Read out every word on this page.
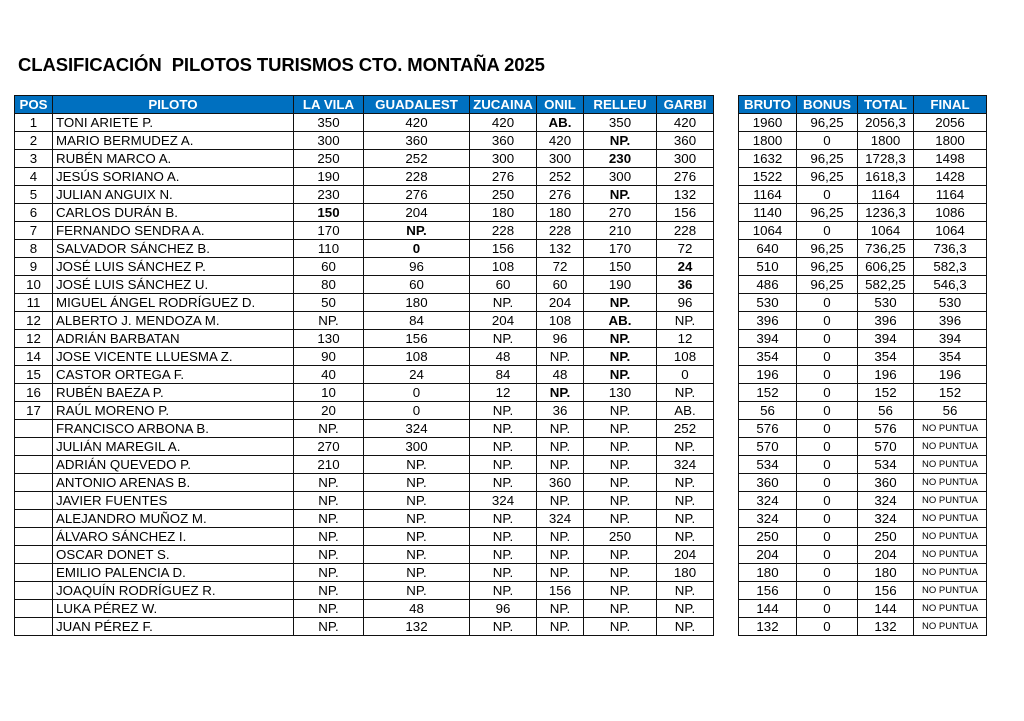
CLASIFICACIÓN  PILOTOS TURISMOS CTO. MONTAÑA 2025
POS	PILOTO	LA VILA	GUADALEST	ZUCAINA	ONIL	RELLEU	GARBI
1	TONI ARIETE P.	350	420	420	AB.	350	420
2	MARIO BERMUDEZ A.	300	360	360	420	NP.	360
3	RUBÉN MARCO A.	250	252	300	300	230	300
4	JESÚS SORIANO A.	190	228	276	252	300	276
5	JULIAN ANGUIX N.	230	276	250	276	NP.	132
6	CARLOS DURÁN B.	150	204	180	180	270	156
7	FERNANDO SENDRA A.	170	NP.	228	228	210	228
8	SALVADOR SÁNCHEZ B.	110	0	156	132	170	72
9	JOSÉ LUIS SÁNCHEZ P.	60	96	108	72	150	24
10	JOSÉ LUIS SÁNCHEZ U.	80	60	60	60	190	36
11	MIGUEL ÁNGEL RODRÍGUEZ D.	50	180	NP.	204	NP.	96
12	ALBERTO J. MENDOZA M.	NP.	84	204	108	AB.	NP.
12	ADRIÁN BARBATAN	130	156	NP.	96	NP.	12
14	JOSE VICENTE LLUESMA Z.	90	108	48	NP.	NP.	108
15	CASTOR ORTEGA F.	40	24	84	48	NP.	0
16	RUBÉN BAEZA P.	10	0	12	NP.	130	NP.
17	RAÚL MORENO P.	20	0	NP.	36	NP.	AB.
	FRANCISCO ARBONA B.	NP.	324	NP.	NP.	NP.	252
	JULIÁN MAREGIL A.	270	300	NP.	NP.	NP.	NP.
	ADRIÁN QUEVEDO P.	210	NP.	NP.	NP.	NP.	324
	ANTONIO ARENAS B.	NP.	NP.	NP.	360	NP.	NP.
	JAVIER FUENTES	NP.	NP.	324	NP.	NP.	NP.
	ALEJANDRO MUÑOZ M.	NP.	NP.	NP.	324	NP.	NP.
	ÁLVARO SÁNCHEZ I.	NP.	NP.	NP.	NP.	250	NP.
	OSCAR DONET S.	NP.	NP.	NP.	NP.	NP.	204
	EMILIO PALENCIA D.	NP.	NP.	NP.	NP.	NP.	180
	JOAQUÍN RODRÍGUEZ R.	NP.	NP.	NP.	156	NP.	NP.
	LUKA PÉREZ W.	NP.	48	96	NP.	NP.	NP.
	JUAN PÉREZ F.	NP.	132	NP.	NP.	NP.	NP.
BRUTO	BONUS	TOTAL	FINAL
1960	96,25	2056,3	2056
1800	0	1800	1800
1632	96,25	1728,3	1498
1522	96,25	1618,3	1428
1164	0	1164	1164
1140	96,25	1236,3	1086
1064	0	1064	1064
640	96,25	736,25	736,3
510	96,25	606,25	582,3
486	96,25	582,25	546,3
530	0	530	530
396	0	396	396
394	0	394	394
354	0	354	354
196	0	196	196
152	0	152	152
56	0	56	56
576	0	576	NO PUNTUA
570	0	570	NO PUNTUA
534	0	534	NO PUNTUA
360	0	360	NO PUNTUA
324	0	324	NO PUNTUA
324	0	324	NO PUNTUA
250	0	250	NO PUNTUA
204	0	204	NO PUNTUA
180	0	180	NO PUNTUA
156	0	156	NO PUNTUA
144	0	144	NO PUNTUA
132	0	132	NO PUNTUA
